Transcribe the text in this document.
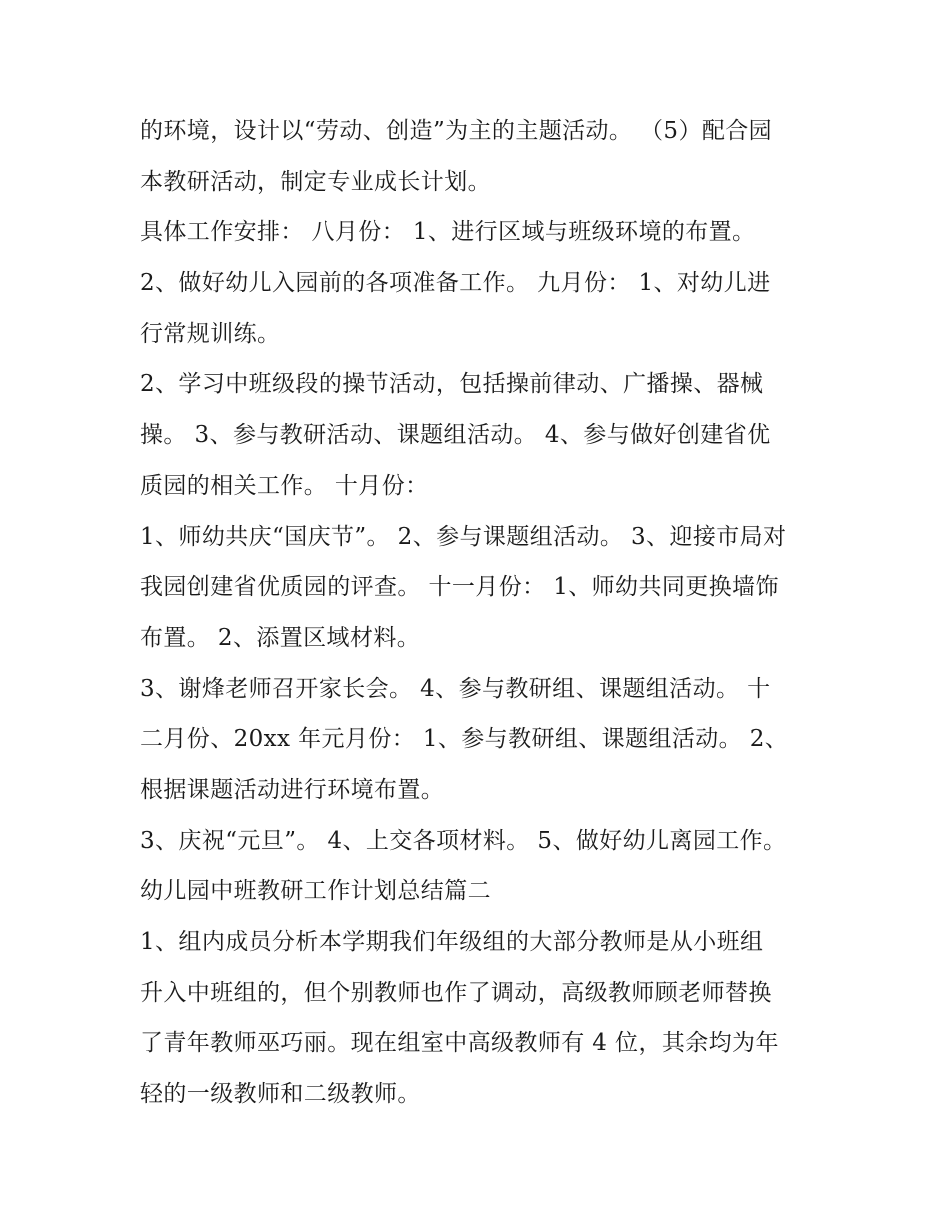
的环境，设计以“劳动、创造”为主的主题活动。 （5）配合园
本教研活动，制定专业成长计划。
具体工作安排： 八月份： 1、进行区域与班级环境的布置。
2、做好幼儿入园前的各项准备工作。 九月份： 1、对幼儿进
行常规训练。
2、学习中班级段的操节活动，包括操前律动、广播操、器械
操。 3、参与教研活动、课题组活动。 4、参与做好创建省优
质园的相关工作。 十月份：
1、师幼共庆“国庆节”。 2、参与课题组活动。 3、迎接市局对
我园创建省优质园的评查。 十一月份： 1、师幼共同更换墙饰
布置。 2、添置区域材料。
3、谢烽老师召开家长会。 4、参与教研组、课题组活动。 十
二月份、20xx 年元月份： 1、参与教研组、课题组活动。 2、
根据课题活动进行环境布置。
3、庆祝“元旦”。 4、上交各项材料。 5、做好幼儿离园工作。
幼儿园中班教研工作计划总结篇二
1、组内成员分析本学期我们年级组的大部分教师是从小班组
升入中班组的，但个别教师也作了调动，高级教师顾老师替换
了青年教师巫巧丽。现在组室中高级教师有 4 位，其余均为年
轻的一级教师和二级教师。
